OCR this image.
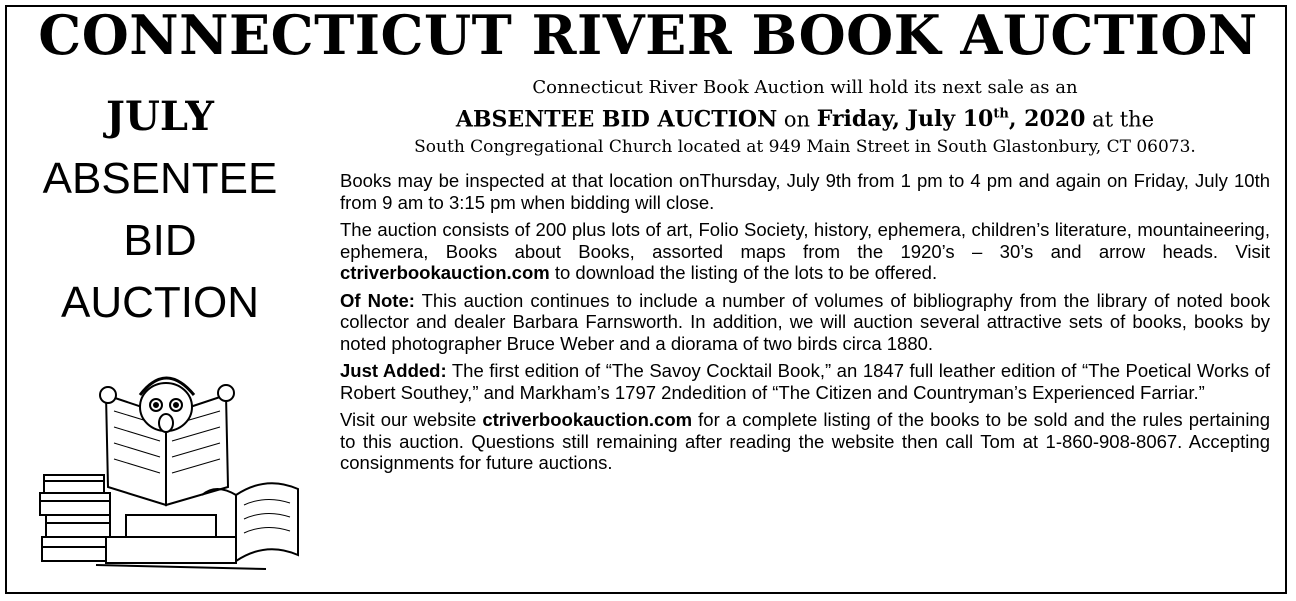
CONNECTICUT RIVER BOOK AUCTION
JULY
ABSENTEE
BID
AUCTION
Connecticut River Book Auction will hold its next sale as an
ABSENTEE BID AUCTION on Friday, July 10th, 2020 at the
South Congregational Church located at 949 Main Street in South Glastonbury, CT 06073.

Books may be inspected at that location onThursday, July 9th from 1 pm to 4 pm and again on Friday, July 10th from 9 am to 3:15 pm when bidding will close.

The auction consists of 200 plus lots of art, Folio Society, history, ephemera, children’s literature, mountaineering, ephemera, Books about Books, assorted maps from the 1920’s – 30’s and arrow heads. Visit ctriverbookauction.com to download the listing of the lots to be offered.

Of Note: This auction continues to include a number of volumes of bibliography from the library of noted book collector and dealer Barbara Farnsworth. In addition, we will auction several attractive sets of books, books by noted photographer Bruce Weber and a diorama of two birds circa 1880.

Just Added: The first edition of “The Savoy Cocktail Book,” an 1847 full leather edition of “The Poetical Works of Robert Southey,” and Markham’s 1797 2ndedition of “The Citizen and Countryman’s Experienced Farriar.”

Visit our website ctriverbookauction.com for a complete listing of the books to be sold and the rules pertaining to this auction. Questions still remaining after reading the website then call Tom at 1-860-908-8067. Accepting consignments for future auctions.
